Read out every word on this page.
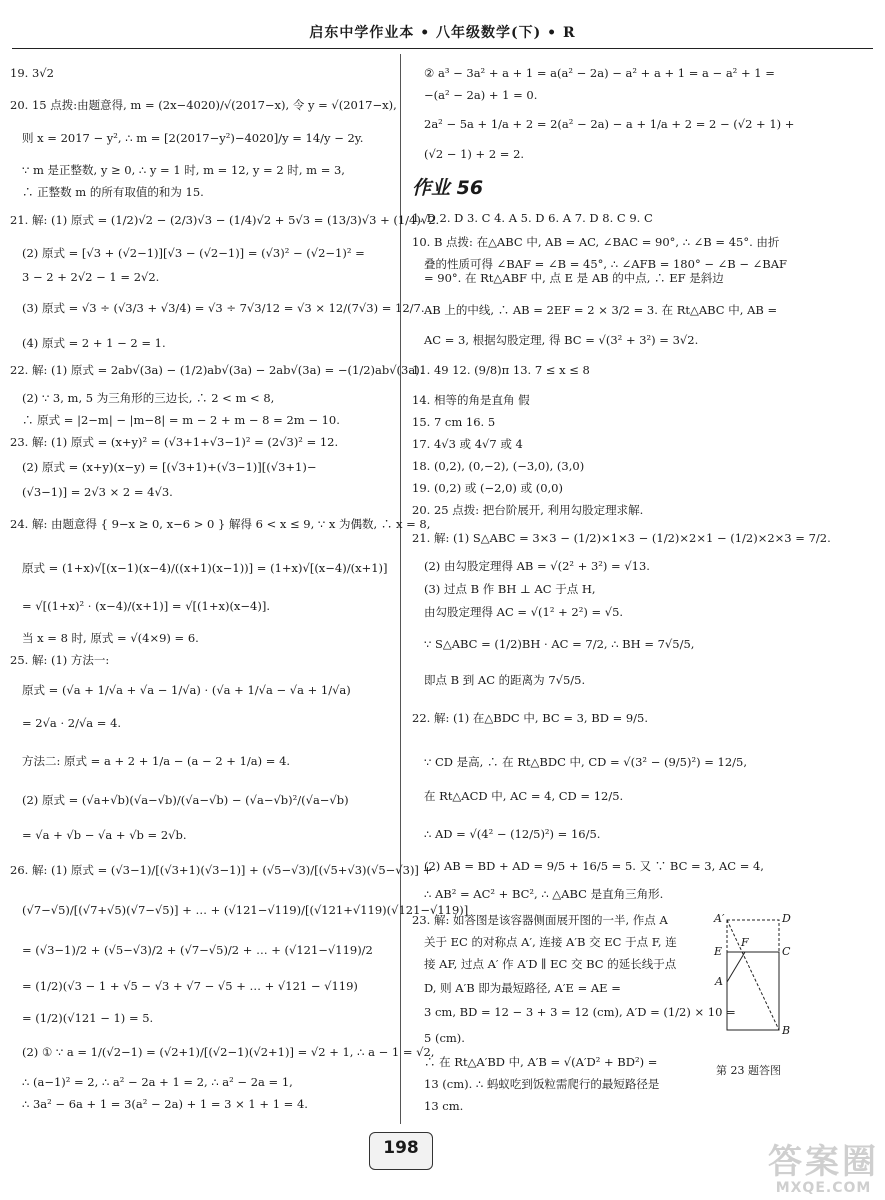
启东中学作业本 • 八年级数学(下) • R
19. 3√2
20. 15 点拨:由题意得, m = (2x−4020)/√(2017−x), 令 y = √(2017−x),
则 x = 2017 − y², ∴ m = [2(2017−y²)−4020]/y = 14/y − 2y.
∵ m 是正整数, y ≥ 0, ∴ y = 1 时, m = 12, y = 2 时, m = 3,
∴ 正整数 m 的所有取值的和为 15.
21. 解: (1) 原式 = (1/2)√2 − (2/3)√3 − (1/4)√2 + 5√3 = (13/3)√3 + (1/4)√2.
(2) 原式 = [√3 + (√2−1)][√3 − (√2−1)] = (√3)² − (√2−1)² =
3 − 2 + 2√2 − 1 = 2√2.
(3) 原式 = √3 ÷ (√3/3 + √3/4) = √3 ÷ 7√3/12 = √3 × 12/(7√3) = 12/7.
(4) 原式 = 2 + 1 − 2 = 1.
22. 解: (1) 原式 = 2ab√(3a) − (1/2)ab√(3a) − 2ab√(3a) = −(1/2)ab√(3a).
(2) ∵ 3, m, 5 为三角形的三边长, ∴ 2 < m < 8,
∴ 原式 = |2−m| − |m−8| = m − 2 + m − 8 = 2m − 10.
23. 解: (1) 原式 = (x+y)² = (√3+1+√3−1)² = (2√3)² = 12.
(2) 原式 = (x+y)(x−y) = [(√3+1)+(√3−1)][(√3+1)−
(√3−1)] = 2√3 × 2 = 4√3.
24. 解: 由题意得 { 9−x ≥ 0, x−6 > 0 } 解得 6 < x ≤ 9, ∵ x 为偶数, ∴ x = 8,
原式 = (1+x)√[(x−1)(x−4)/((x+1)(x−1))] = (1+x)√[(x−4)/(x+1)]
= √[(1+x)² · (x−4)/(x+1)] = √[(1+x)(x−4)].
当 x = 8 时, 原式 = √(4×9) = 6.
25. 解: (1) 方法一:
原式 = (√a + 1/√a + √a − 1/√a) · (√a + 1/√a − √a + 1/√a)
= 2√a · 2/√a = 4.
方法二: 原式 = a + 2 + 1/a − (a − 2 + 1/a) = 4.
(2) 原式 = (√a+√b)(√a−√b)/(√a−√b) − (√a−√b)²/(√a−√b)
= √a + √b − √a + √b = 2√b.
26. 解: (1) 原式 = (√3−1)/[(√3+1)(√3−1)] + (√5−√3)/[(√5+√3)(√5−√3)] +
(√7−√5)/[(√7+√5)(√7−√5)] + … + (√121−√119)/[(√121+√119)(√121−√119)]
= (√3−1)/2 + (√5−√3)/2 + (√7−√5)/2 + … + (√121−√119)/2
= (1/2)(√3 − 1 + √5 − √3 + √7 − √5 + … + √121 − √119)
= (1/2)(√121 − 1) = 5.
(2) ① ∵ a = 1/(√2−1) = (√2+1)/[(√2−1)(√2+1)] = √2 + 1, ∴ a − 1 = √2,
∴ (a−1)² = 2, ∴ a² − 2a + 1 = 2, ∴ a² − 2a = 1,
∴ 3a² − 6a + 1 = 3(a² − 2a) + 1 = 3 × 1 + 1 = 4.
② a³ − 3a² + a + 1 = a(a² − 2a) − a² + a + 1 = a − a² + 1 =
−(a² − 2a) + 1 = 0.
2a² − 5a + 1/a + 2 = 2(a² − 2a) − a + 1/a + 2 = 2 − (√2 + 1) +
(√2 − 1) + 2 = 2.
作业 56
1. D 2. D 3. C 4. A 5. D 6. A 7. D 8. C 9. C
10. B 点拨: 在△ABC 中, AB = AC, ∠BAC = 90°, ∴ ∠B = 45°. 由折
叠的性质可得 ∠BAF = ∠B = 45°, ∴ ∠AFB = 180° − ∠B − ∠BAF = 90°. 在 Rt△ABF 中, 点 E 是 AB 的中点, ∴ EF 是斜边
AB 上的中线, ∴ AB = 2EF = 2 × 3/2 = 3. 在 Rt△ABC 中, AB =
AC = 3, 根据勾股定理, 得 BC = √(3² + 3²) = 3√2.
11. 49 12. (9/8)π 13. 7 ≤ x ≤ 8
14. 相等的角是直角 假
15. 7 cm 16. 5
17. 4√3 或 4√7 或 4
18. (0,2), (0,−2), (−3,0), (3,0)
19. (0,2) 或 (−2,0) 或 (0,0)
20. 25 点拨: 把台阶展开, 利用勾股定理求解.
21. 解: (1) S△ABC = 3×3 − (1/2)×1×3 − (1/2)×2×1 − (1/2)×2×3 = 7/2.
(2) 由勾股定理得 AB = √(2² + 3²) = √13.
(3) 过点 B 作 BH ⊥ AC 于点 H,
由勾股定理得 AC = √(1² + 2²) = √5.
∵ S△ABC = (1/2)BH · AC = 7/2, ∴ BH = 7√5/5,
即点 B 到 AC 的距离为 7√5/5.
22. 解: (1) 在△BDC 中, BC = 3, BD = 9/5.
∵ CD 是高, ∴ 在 Rt△BDC 中, CD = √(3² − (9/5)²) = 12/5,
在 Rt△ACD 中, AC = 4, CD = 12/5.
∴ AD = √(4² − (12/5)²) = 16/5.
(2) AB = BD + AD = 9/5 + 16/5 = 5. 又 ∵ BC = 3, AC = 4,
∴ AB² = AC² + BC², ∴ △ABC 是直角三角形.
23. 解: 如答图是该容器侧面展开图的一半, 作点 A
关于 EC 的对称点 A′, 连接 A′B 交 EC 于点 F, 连
接 AF, 过点 A′ 作 A′D ∥ EC 交 BC 的延长线于点
D, 则 A′B 即为最短路径, A′E = AE =
3 cm, BD = 12 − 3 + 3 = 12 (cm), A′D = (1/2) × 10 =
5 (cm).
∴ 在 Rt△A′BD 中, A′B = √(A′D² + BD²) =
13 (cm). ∴ 蚂蚁吃到饭粒需爬行的最短路径是
13 cm.
A′	D
F
E	C
A
B
第 23 题答图
198	答案圈
MXQE.COM
